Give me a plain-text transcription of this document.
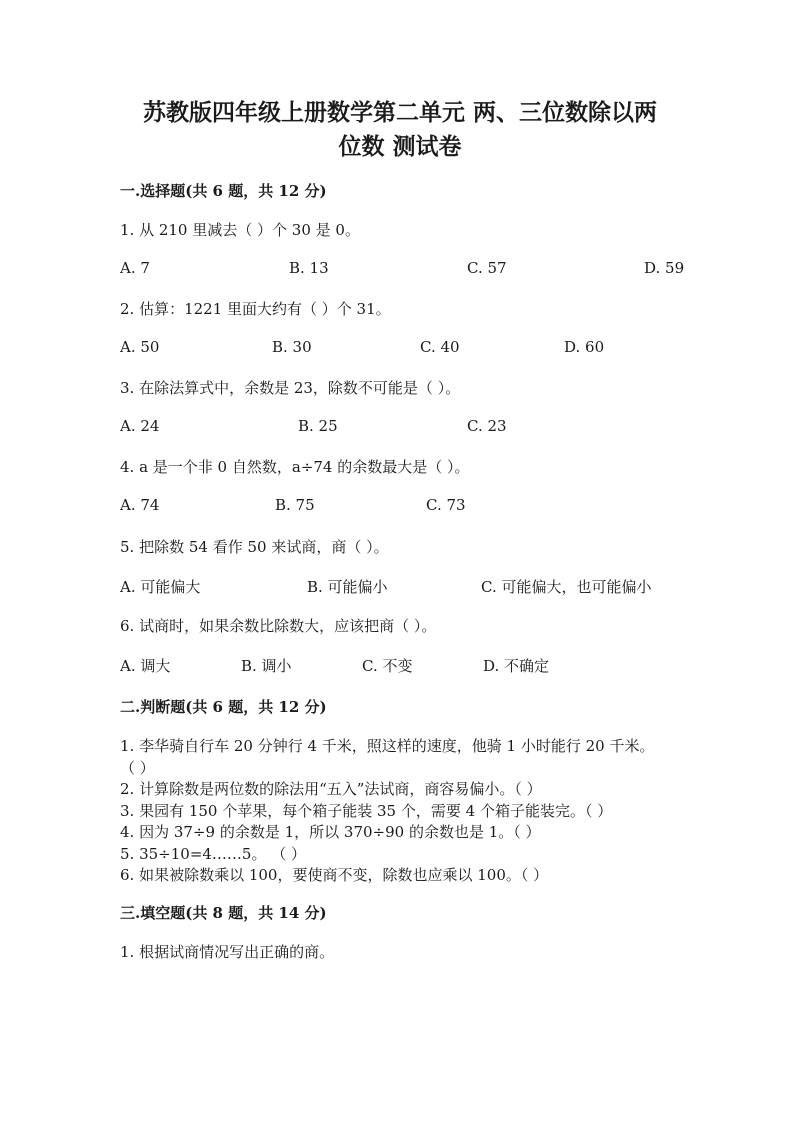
苏教版四年级上册数学第二单元 两、三位数除以两
位数 测试卷
一.选择题(共 6 题，共 12 分)
1. 从 210 里减去（ ）个 30 是 0。
A. 7	B. 13	C. 57	D. 59
2. 估算：1221 里面大约有（ ）个 31。
A. 50	B. 30	C. 40	D. 60
3. 在除法算式中，余数是 23，除数不可能是（ ）。
A. 24	B. 25	C. 23
4. a 是一个非 0 自然数，a÷74 的余数最大是（ ）。
A. 74	B. 75	C. 73
5. 把除数 54 看作 50 来试商，商（ ）。
A. 可能偏大	B. 可能偏小	C. 可能偏大，也可能偏小
6. 试商时，如果余数比除数大，应该把商（ ）。
A. 调大	B. 调小	C. 不变	D. 不确定
二.判断题(共 6 题，共 12 分)
1. 李华骑自行车 20 分钟行 4 千米，照这样的速度，他骑 1 小时能行 20 千米。
（ ）
2. 计算除数是两位数的除法用“五入”法试商，商容易偏小。（ ）
3. 果园有 150 个苹果，每个箱子能装 35 个，需要 4 个箱子能装完。（ ）
4. 因为 37÷9 的余数是 1，所以 370÷90 的余数也是 1。（ ）
5. 35÷10=4……5。 （ ）
6. 如果被除数乘以 100，要使商不变，除数也应乘以 100。（ ）
三.填空题(共 8 题，共 14 分)
1. 根据试商情况写出正确的商。
